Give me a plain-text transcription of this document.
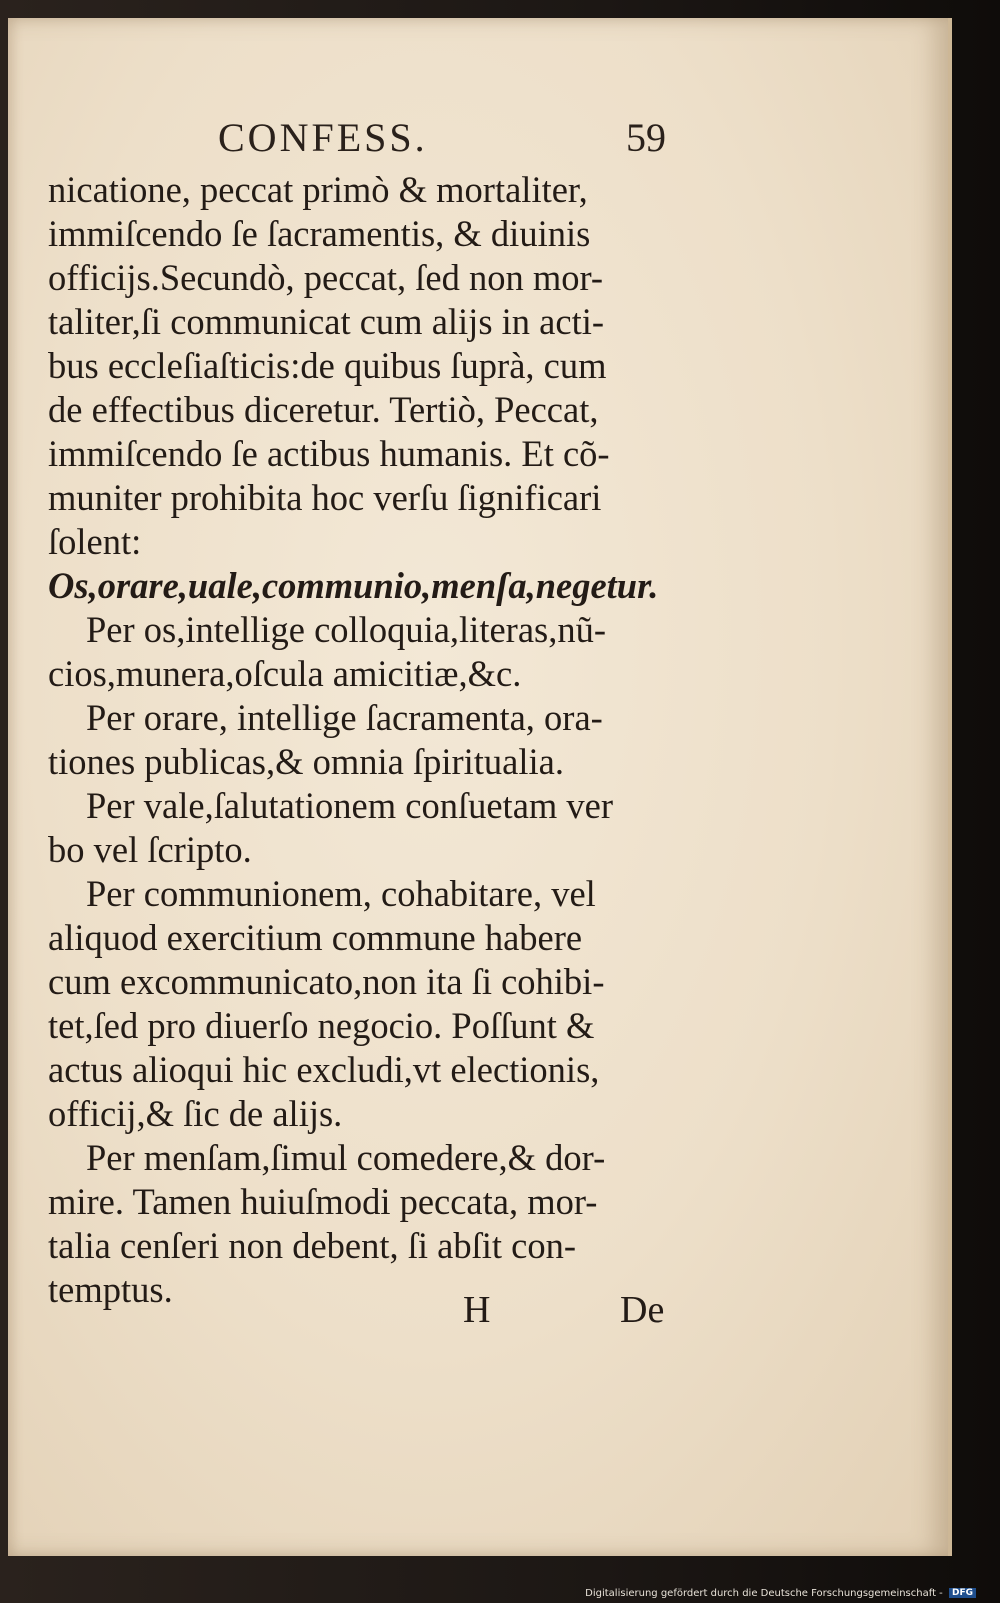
CONFESS.	59
nicatione, peccat primò & mortaliter,
immiſcendo ſe ſacramentis, & diuinis
officijs.Secundò, peccat, ſed non mor-
taliter,ſi communicat cum alijs in acti-
bus eccleſiaſticis:de quibus ſuprà, cum
de effectibus diceretur. Tertiò, Peccat,
immiſcendo ſe actibus humanis. Et cõ-
muniter prohibita hoc verſu ſignificari
ſolent:
Os,orare,uale,communio,menſa,negetur.
Per os,intellige colloquia,literas,nũ-
cios,munera,oſcula amicitiæ,&c.
Per orare, intellige ſacramenta, ora-
tiones publicas,& omnia ſpiritualia.
Per vale,ſalutationem conſuetam ver
bo vel ſcripto.
Per communionem, cohabitare, vel
aliquod exercitium commune habere
cum excommunicato,non ita ſi cohibi-
tet,ſed pro diuerſo negocio. Poſſunt &
actus alioqui hic excludi,vt electionis,
officij,& ſic de alijs.
Per menſam,ſimul comedere,& dor-
mire. Tamen huiuſmodi peccata, mor-
talia cenſeri non debent, ſi abſit con-
temptus.	H	De
Digitalisierung gefördert durch die Deutsche Forschungsgemeinschaft - DFG
